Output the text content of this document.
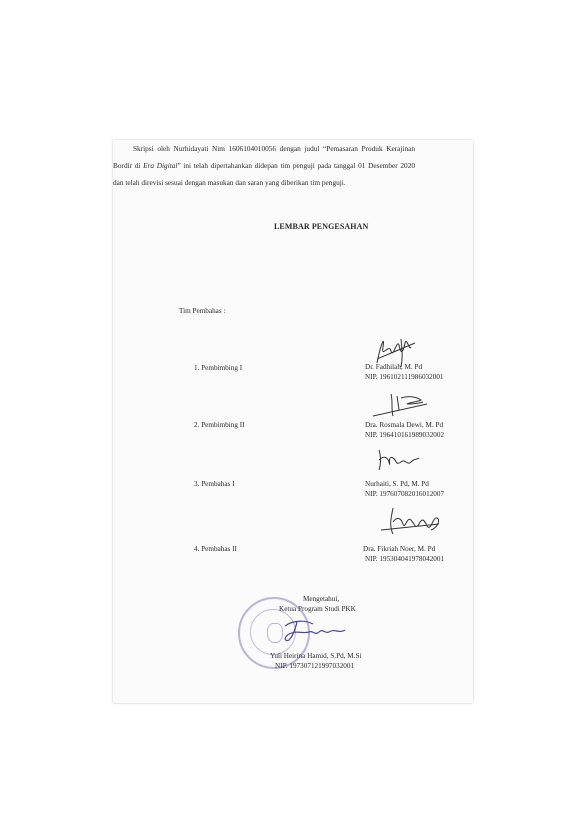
LEMBAR PENGESAHAN

Skripsi oleh Nurhidayati Nim 1606104010056 dengan judul “Pemasaran Produk Kerajinan Bordir di Era Digital” ini telah dipertahankan didepan tim penguji pada tanggal 01 Desember 2020 dan telah direvisi sesuai dengan masukan dan saran yang diberikan tim penguji.

Tim Pembahas :
1. Pembimbing I	Dr. Fadhilah, M. Pd
NIP. 196102111986032001
2. Pembimbing II	Dra. Rosmala Dewi, M. Pd
NIP. 196410161989032002
3. Pembahas I	Nurhaiti, S. Pd, M. Pd
NIP. 197607082016012007
4. Pembahas II	Dra. Fikriah Noer, M. Pd
NIP. 195304041978042001
Mengetahui,
Ketua Program Studi PKK
Yuli Heirina Hamid, S.Pd, M.Si
NIP. 197307121997032001
